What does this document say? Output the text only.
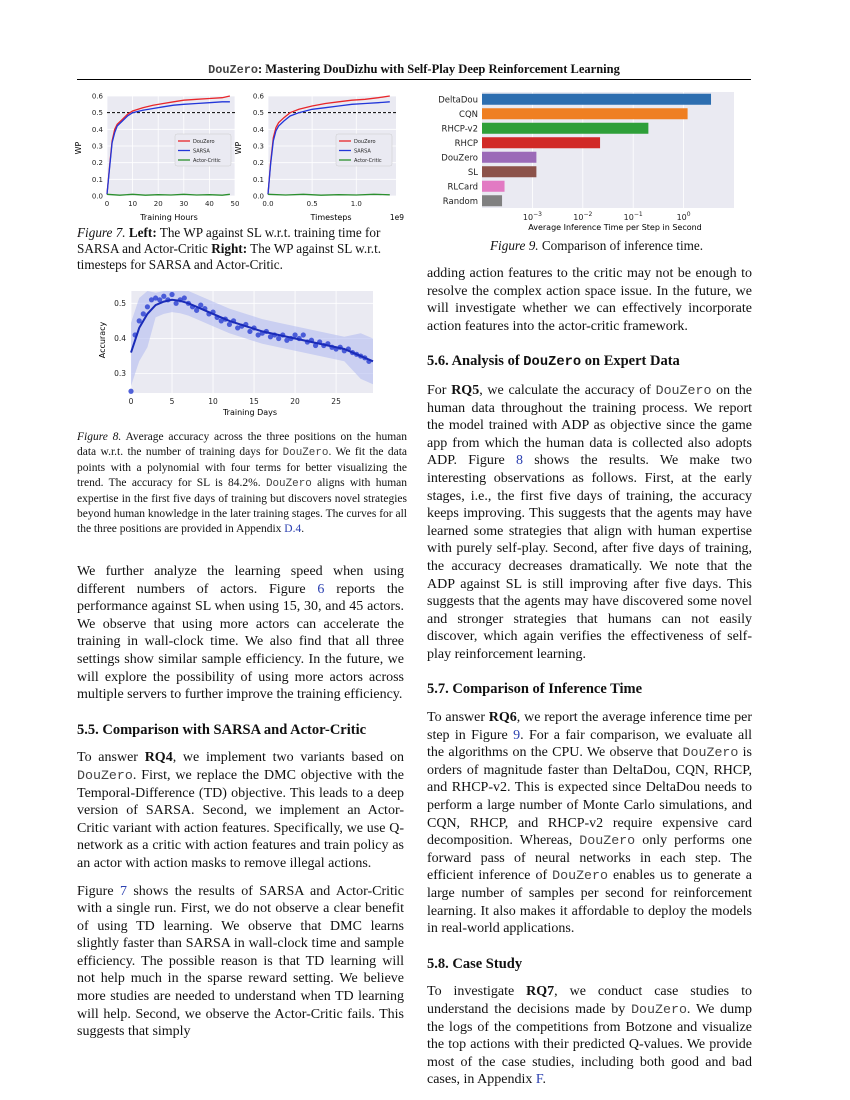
DouZero: Mastering DouDizhu with Self-Play Deep Reinforcement Learning
0.0
0.1
0.2
0.3
0.4
0.5
0.6
0	10 20 30 40 50
DouZero
SARSA
Actor-Critic
0.0
0.1
0.2
0.3
0.4
0.5
0.6
0.0	0.5	1.0
DouZero
SARSA
Actor-Critic
Training Hours	Timesteps	1e9
WP	WP
Figure 7. Left: The WP against SL w.r.t. training time for SARSA and Actor-Critic Right: The WP against SL w.r.t. timesteps for SARSA and Actor-Critic.
0.3
0.4
0.5
0	5	10	15	20	25
Training Days
Accuracy
Figure 8. Average accuracy across the three positions on the human data w.r.t. the number of training days for DouZero. We fit the data points with a polynomial with four terms for better visualizing the trend. The accuracy for SL is 84.2%. DouZero aligns with human expertise in the first five days of training but discovers novel strategies beyond human knowledge in the later training stages. The curves for all the three positions are provided in Appendix D.4.
$10^{-3}$	$10^{-2}$	$10^{-1}$	$10^0$
DeltaDou
CQN
RHCP-v2
RHCP
DouZero
SL
RLCard
Random
Average Inference Time per Step in Second
Figure 9. Comparison of inference time.

We further analyze the learning speed when using different numbers of actors. Figure 6 reports the performance against SL when using 15, 30, and 45 actors. We observe that using more actors can accelerate the training in wall-clock time. We also find that all three settings show similar sample efficiency. In the future, we will explore the possibility of using more actors across multiple servers to further improve the training efficiency.

5.5. Comparison with SARSA and Actor-Critic

To answer RQ4, we implement two variants based on DouZero. First, we replace the DMC objective with the Temporal-Difference (TD) objective. This leads to a deep version of SARSA. Second, we implement an Actor-Critic variant with action features. Specifically, we use Q-network as a critic with action features and train policy as an actor with action masks to remove illegal actions.

Figure 7 shows the results of SARSA and Actor-Critic with a single run. First, we do not observe a clear benefit of using TD learning. We observe that DMC learns slightly faster than SARSA in wall-clock time and sample efficiency. The possible reason is that TD learning will not help much in the sparse reward setting. We believe more studies are needed to understand when TD learning will help. Second, we observe the Actor-Critic fails. This suggests that simply

adding action features to the critic may not be enough to resolve the complex action space issue. In the future, we will investigate whether we can effectively incorporate action features into the actor-critic framework.

5.6. Analysis of DouZero on Expert Data

For RQ5, we calculate the accuracy of DouZero on the human data throughout the training process. We report the model trained with ADP as objective since the game app from which the human data is collected also adopts ADP. Figure 8 shows the results. We make two interesting observations as follows. First, at the early stages, i.e., the first five days of training, the accuracy keeps improving. This suggests that the agents may have learned some strategies that align with human expertise with purely self-play. Second, after five days of training, the accuracy decreases dramatically. We note that the ADP against SL is still improving after five days. This suggests that the agents may have discovered some novel and stronger strategies that humans can not easily discover, which again verifies the effectiveness of self-play reinforcement learning.

5.7. Comparison of Inference Time

To answer RQ6, we report the average inference time per step in Figure 9. For a fair comparison, we evaluate all the algorithms on the CPU. We observe that DouZero is orders of magnitude faster than DeltaDou, CQN, RHCP, and RHCP-v2. This is expected since DeltaDou needs to perform a large number of Monte Carlo simulations, and CQN, RHCP, and RHCP-v2 require expensive card decomposition. Whereas, DouZero only performs one forward pass of neural networks in each step. The efficient inference of DouZero enables us to generate a large number of samples per second for reinforcement learning. It also makes it affordable to deploy the models in real-world applications.

5.8. Case Study

To investigate RQ7, we conduct case studies to understand the decisions made by DouZero. We dump the logs of the competitions from Botzone and visualize the top actions with their predicted Q-values. We provide most of the case studies, including both good and bad cases, in Appendix F.
